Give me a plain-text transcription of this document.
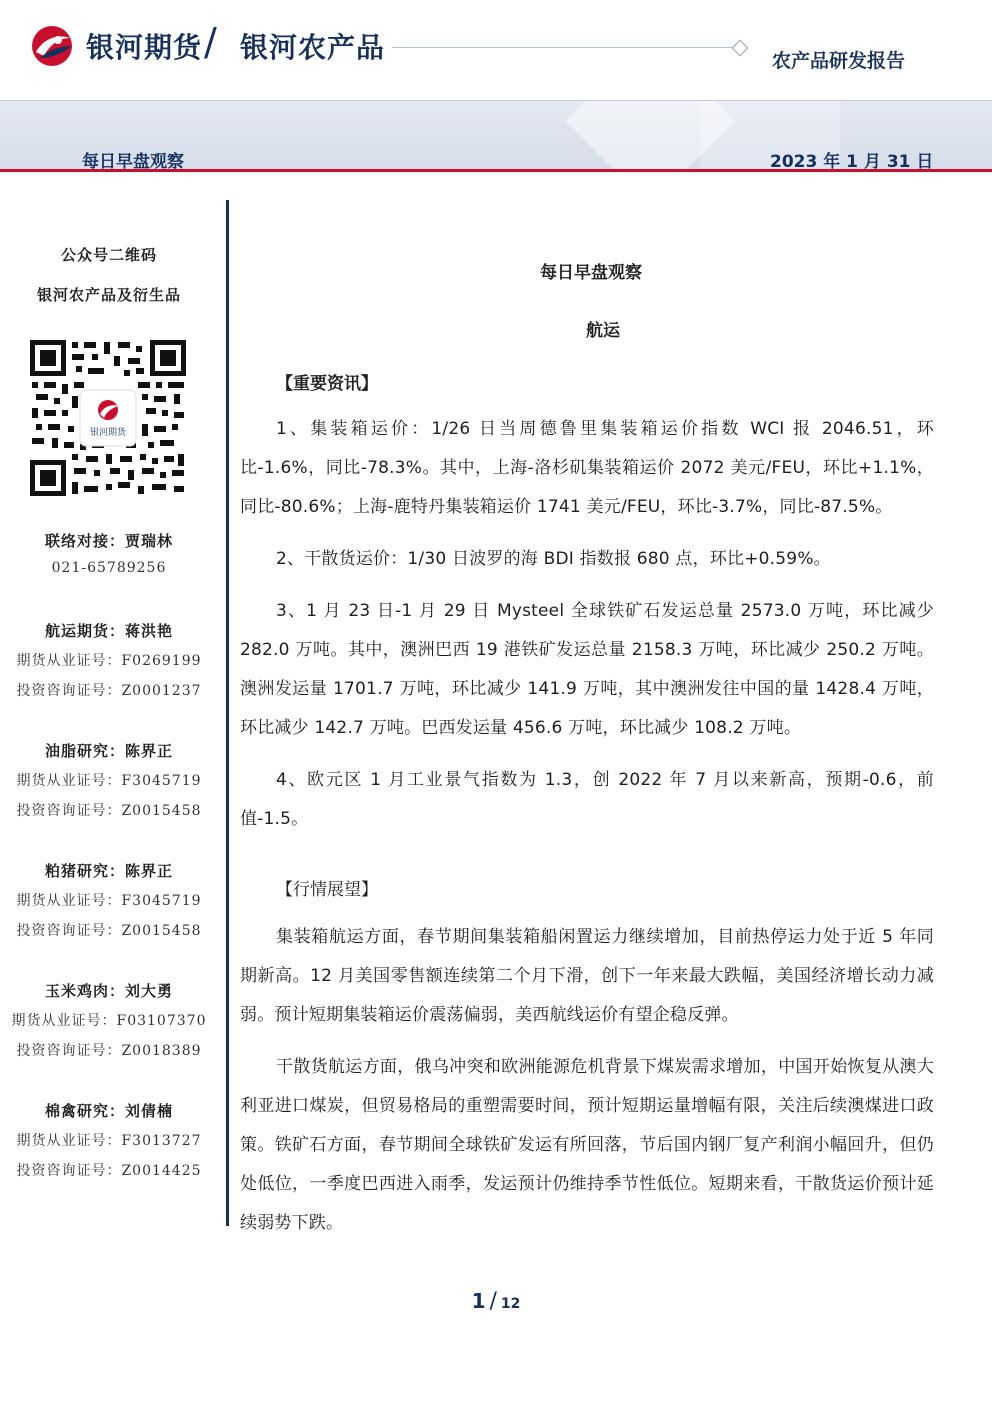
银河期货 / 银河农产品	农产品研发报告
每日早盘观察	2023 年 1 月 31 日
公众号二维码
银河农产品及衍生品
银河期货
联络对接：贾瑞林
021-65789256
航运期货：蒋洪艳
期货从业证号：F0269199
投资咨询证号：Z0001237
油脂研究：陈界正
期货从业证号：F3045719
投资咨询证号：Z0015458
粕猪研究：陈界正
期货从业证号：F3045719
投资咨询证号：Z0015458
玉米鸡肉：刘大勇
期货从业证号：F03107370
投资咨询证号：Z0018389
棉禽研究：刘倩楠
期货从业证号：F3013727
投资咨询证号：Z0014425
每日早盘观察
航运
【重要资讯】

1、集装箱运价：1/26 日当周德鲁里集装箱运价指数 WCI 报 2046.51，环比-1.6%，同比-78.3%。其中，上海-洛杉矶集装箱运价 2072 美元/FEU，环比+1.1%，同比-80.6%；上海-鹿特丹集装箱运价 1741 美元/FEU，环比-3.7%，同比-87.5%。

2、干散货运价：1/30 日波罗的海 BDI 指数报 680 点，环比+0.59%。

3、1 月 23 日-1 月 29 日 Mysteel 全球铁矿石发运总量 2573.0 万吨，环比减少 282.0 万吨。其中，澳洲巴西 19 港铁矿发运总量 2158.3 万吨，环比减少 250.2 万吨。澳洲发运量 1701.7 万吨，环比减少 141.9 万吨，其中澳洲发往中国的量 1428.4 万吨，环比减少 142.7 万吨。巴西发运量 456.6 万吨，环比减少 108.2 万吨。

4、欧元区 1 月工业景气指数为 1.3，创 2022 年 7 月以来新高，预期-0.6，前值-1.5。

【行情展望】

集装箱航运方面，春节期间集装箱船闲置运力继续增加，目前热停运力处于近 5 年同期新高。12 月美国零售额连续第二个月下滑，创下一年来最大跌幅，美国经济增长动力减弱。预计短期集装箱运价震荡偏弱，美西航线运价有望企稳反弹。

干散货航运方面，俄乌冲突和欧洲能源危机背景下煤炭需求增加，中国开始恢复从澳大利亚进口煤炭，但贸易格局的重塑需要时间，预计短期运量增幅有限，关注后续澳煤进口政策。铁矿石方面，春节期间全球铁矿发运有所回落，节后国内钢厂复产利润小幅回升，但仍处低位，一季度巴西进入雨季，发运预计仍维持季节性低位。短期来看，干散货运价预计延续弱势下跌。

1 / 12
